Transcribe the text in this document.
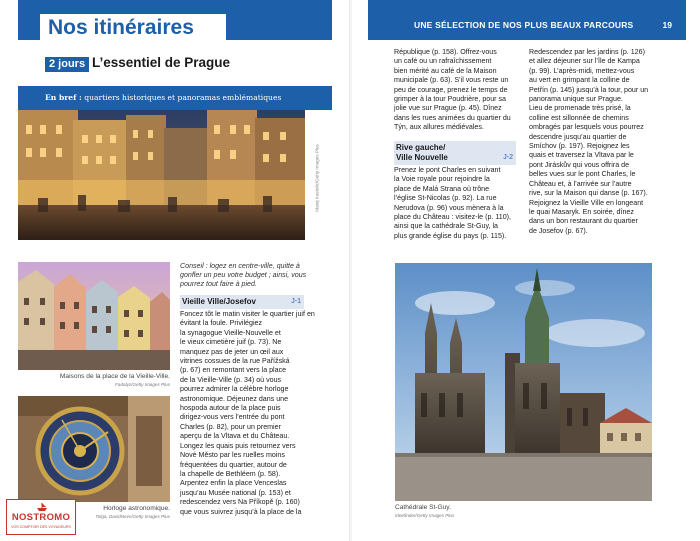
Nos itinéraires
2 jours L’essentiel de Prague
En bref : quartiers historiques et panoramas emblématiques
Matej Kastelic/Getty Images Plus
Maisons de la place de la Vieille-Ville.
Fadalyz/Getty Images Plus
Horloge astronomique.
Tolga, DavidNevs/Getty Images Plus
Conseil : logez en centre-ville, quitte à gonfler un peu votre budget ; ainsi, vous pourrez tout faire à pied.
Vieille Ville/Josefov	J-1

Foncez tôt le matin visiter le quartier juif en évitant la foule. Privilégiez

la synagogue Vieille-Nouvelle et

le vieux cimetière juif (p. 73). Ne

manquez pas de jeter un œil aux

vitrines cossues de la rue Pařížská

(p. 67) en remontant vers la place

de la Vieille-Ville (p. 34) où vous

pourrez admirer la célèbre horloge

astronomique. Déjeunez dans une

hospoda autour de la place puis

dirigez-vous vers l’entrée du pont

Charles (p. 82), pour un premier

aperçu de la Vltava et du Château.

Longez les quais puis retournez vers

Nové Město par les ruelles moins

fréquentées du quartier, autour de

la chapelle de Bethléem (p. 58).

Arpentez enfin la place Venceslas

jusqu’au Musée national (p. 153) et

redescendez vers Na Příkopě (p. 160)

que vous suivrez jusqu’à la place de la

NOSTROMO
VOS COMPTOIR DES VOYAGEURS
UNE SÉLECTION DE NOS PLUS BEAUX PARCOURS	19

République (p. 158). Offrez-vous

un café ou un rafraîchissement

bien mérité au café de la Maison

municipale (p. 63). S’il vous reste un

peu de courage, prenez le temps de

grimper à la tour Poudrière, pour sa

jolie vue sur Prague (p. 45). Dînez

dans les rues animées du quartier du

Týn, aux allures médiévales.

Rive gauche/
Ville Nouvelle	J-2

Prenez le pont Charles en suivant

la Voie royale pour rejoindre la

place de Malá Strana où trône

l’église St-Nicolas (p. 92). La rue

Nerudova (p. 96) vous mènera à la

place du Château : visitez-le (p. 110),

ainsi que la cathédrale St-Guy, la

plus grande église du pays (p. 115).

Redescendez par les jardins (p. 126)

et allez déjeuner sur l’île de Kampa

(p. 99). L’après-midi, mettez-vous

au vert en grimpant la colline de

Petřín (p. 145) jusqu’à la tour, pour un

panorama unique sur Prague.

Lieu de promenade très prisé, la

colline est sillonnée de chemins

ombragés par lesquels vous pourrez

descendre jusqu’au quartier de

Smíchov (p. 197). Rejoignez les

quais et traversez la Vltava par le

pont Jiráskův qui vous offrira de

belles vues sur le pont Charles, le

Château et, à l’arrivée sur l’autre

rive, sur la Maison qui danse (p. 167).

Rejoignez la Vieille Ville en longeant

le quai Masaryk. En soirée, dînez

dans un bon restaurant du quartier

de Josefov (p. 67).

Cathédrale St-Guy.
Ideefinder/Getty Images Plus
